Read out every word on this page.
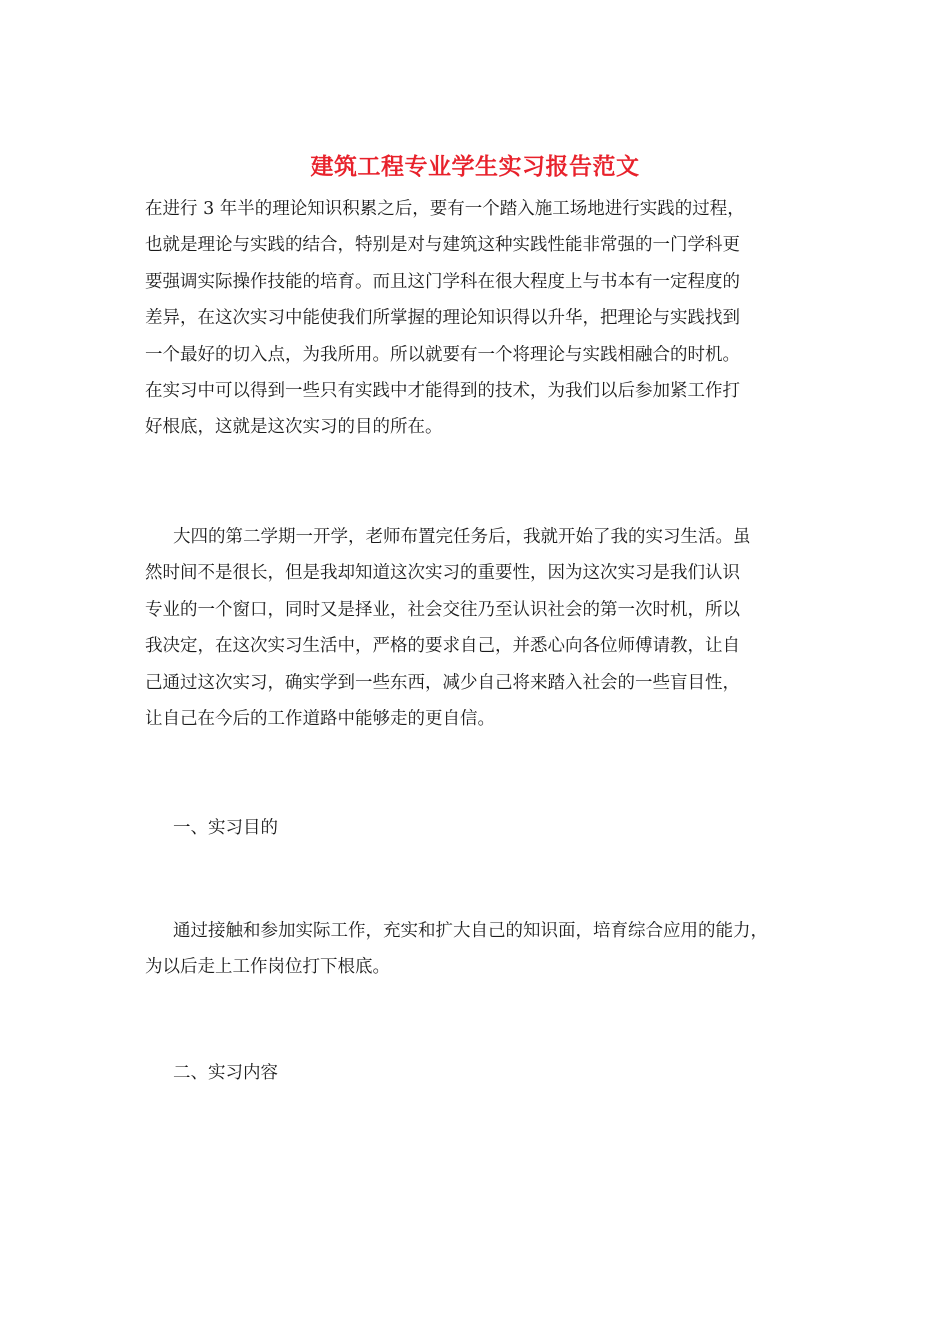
建筑工程专业学生实习报告范文
在进行 3 年半的理论知识积累之后，要有一个踏入施工场地进行实践的过程，
也就是理论与实践的结合，特别是对与建筑这种实践性能非常强的一门学科更
要强调实际操作技能的培育。而且这门学科在很大程度上与书本有一定程度的
差异，在这次实习中能使我们所掌握的理论知识得以升华，把理论与实践找到
一个最好的切入点，为我所用。所以就要有一个将理论与实践相融合的时机。
在实习中可以得到一些只有实践中才能得到的技术，为我们以后参加紧工作打
好根底，这就是这次实习的目的所在。
大四的第二学期一开学，老师布置完任务后，我就开始了我的实习生活。虽
然时间不是很长，但是我却知道这次实习的重要性，因为这次实习是我们认识
专业的一个窗口，同时又是择业，社会交往乃至认识社会的第一次时机，所以
我决定，在这次实习生活中，严格的要求自己，并悉心向各位师傅请教，让自
己通过这次实习，确实学到一些东西，减少自己将来踏入社会的一些盲目性，
让自己在今后的工作道路中能够走的更自信。
一、实习目的
通过接触和参加实际工作，充实和扩大自己的知识面，培育综合应用的能力，
为以后走上工作岗位打下根底。
二、实习内容
